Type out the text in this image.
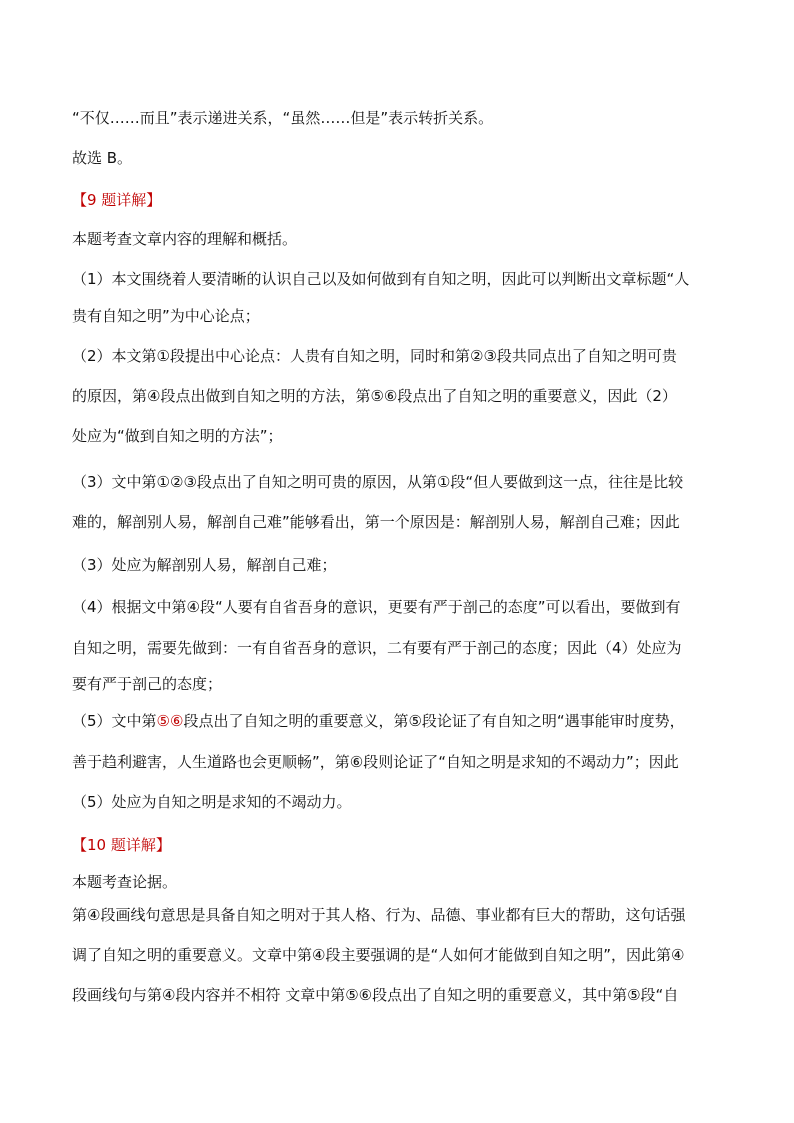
“不仅……而且”表示递进关系，“虽然……但是”表示转折关系。
故选 B。
【9 题详解】
本题考查文章内容的理解和概括。
（1）本文围绕着人要清晰的认识自己以及如何做到有自知之明，因此可以判断出文章标题“人
贵有自知之明”为中心论点；
（2）本文第①段提出中心论点：人贵有自知之明，同时和第②③段共同点出了自知之明可贵
的原因，第④段点出做到自知之明的方法，第⑤⑥段点出了自知之明的重要意义，因此（2）
处应为“做到自知之明的方法”；
（3）文中第①②③段点出了自知之明可贵的原因，从第①段“但人要做到这一点，往往是比较
难的，解剖别人易，解剖自己难”能够看出，第一个原因是：解剖别人易，解剖自己难；因此
（3）处应为解剖别人易，解剖自己难；
（4）根据文中第④段“人要有自省吾身的意识，更要有严于剖己的态度”可以看出，要做到有
自知之明，需要先做到：一有自省吾身的意识，二有要有严于剖己的态度；因此（4）处应为
要有严于剖己的态度；
（5）文中第⑤⑥段点出了自知之明的重要意义，第⑤段论证了有自知之明“遇事能审时度势，
善于趋利避害，人生道路也会更顺畅”，第⑥段则论证了“自知之明是求知的不竭动力”；因此
（5）处应为自知之明是求知的不竭动力。
【10 题详解】
本题考查论据。
第④段画线句意思是具备自知之明对于其人格、行为、品德、事业都有巨大的帮助，这句话强
调了自知之明的重要意义。文章中第④段主要强调的是“人如何才能做到自知之明”，因此第④
段画线句与第④段内容并不相符 文章中第⑤⑥段点出了自知之明的重要意义，其中第⑤段“自
